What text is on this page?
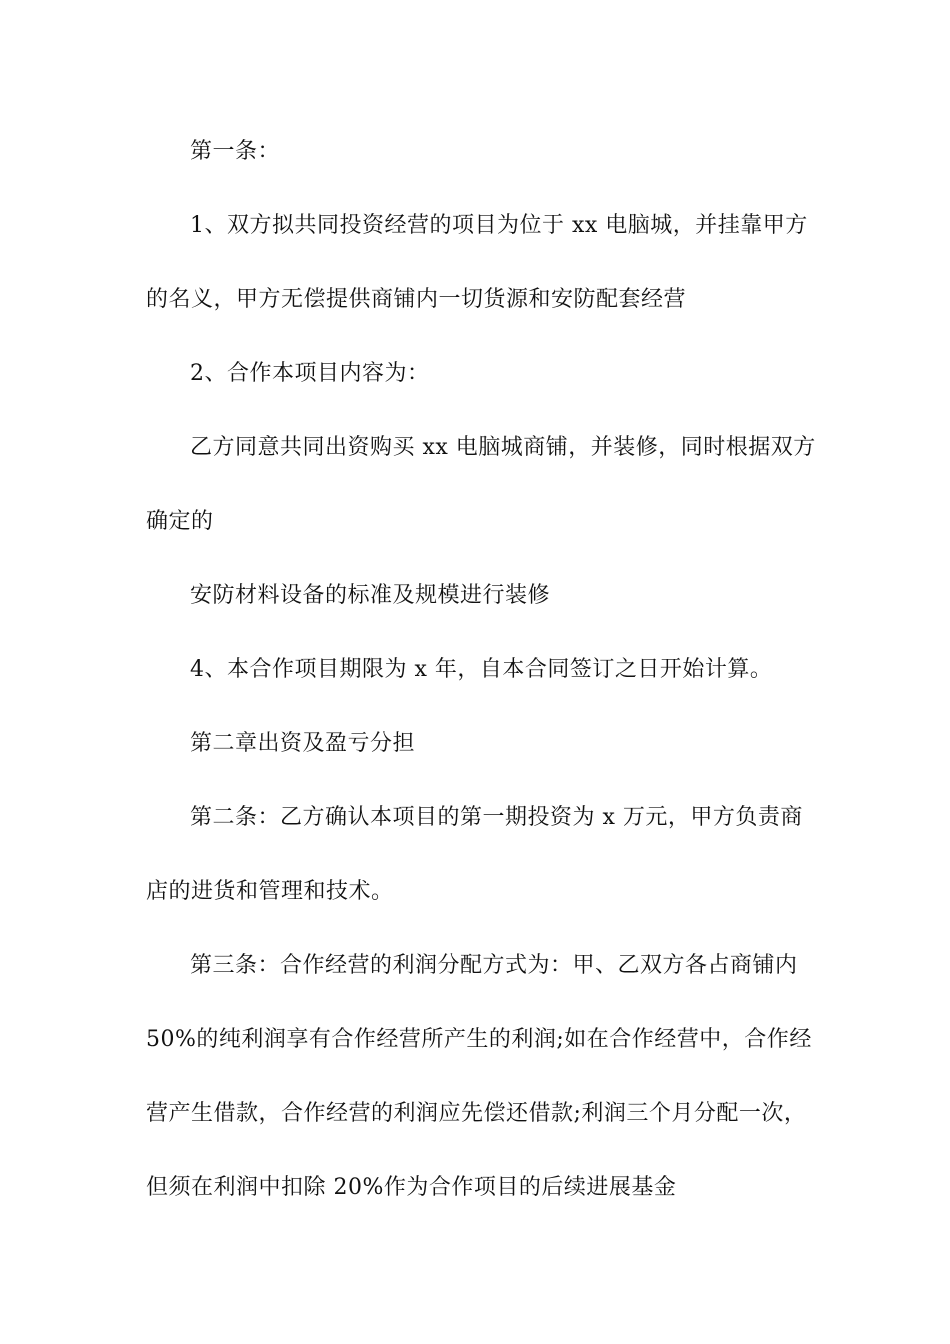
第一条：
1、双方拟共同投资经营的项目为位于 xx 电脑城，并挂靠甲方
的名义，甲方无偿提供商铺内一切货源和安防配套经营
2、合作本项目内容为：
乙方同意共同出资购买 xx 电脑城商铺，并装修，同时根据双方
确定的
安防材料设备的标准及规模进行装修
4、本合作项目期限为 x 年，自本合同签订之日开始计算。
第二章出资及盈亏分担
第二条：乙方确认本项目的第一期投资为 x 万元，甲方负责商
店的进货和管理和技术。
第三条：合作经营的利润分配方式为：甲、乙双方各占商铺内
50%的纯利润享有合作经营所产生的利润;如在合作经营中，合作经
营产生借款，合作经营的利润应先偿还借款;利润三个月分配一次，
但须在利润中扣除 20%作为合作项目的后续进展基金
